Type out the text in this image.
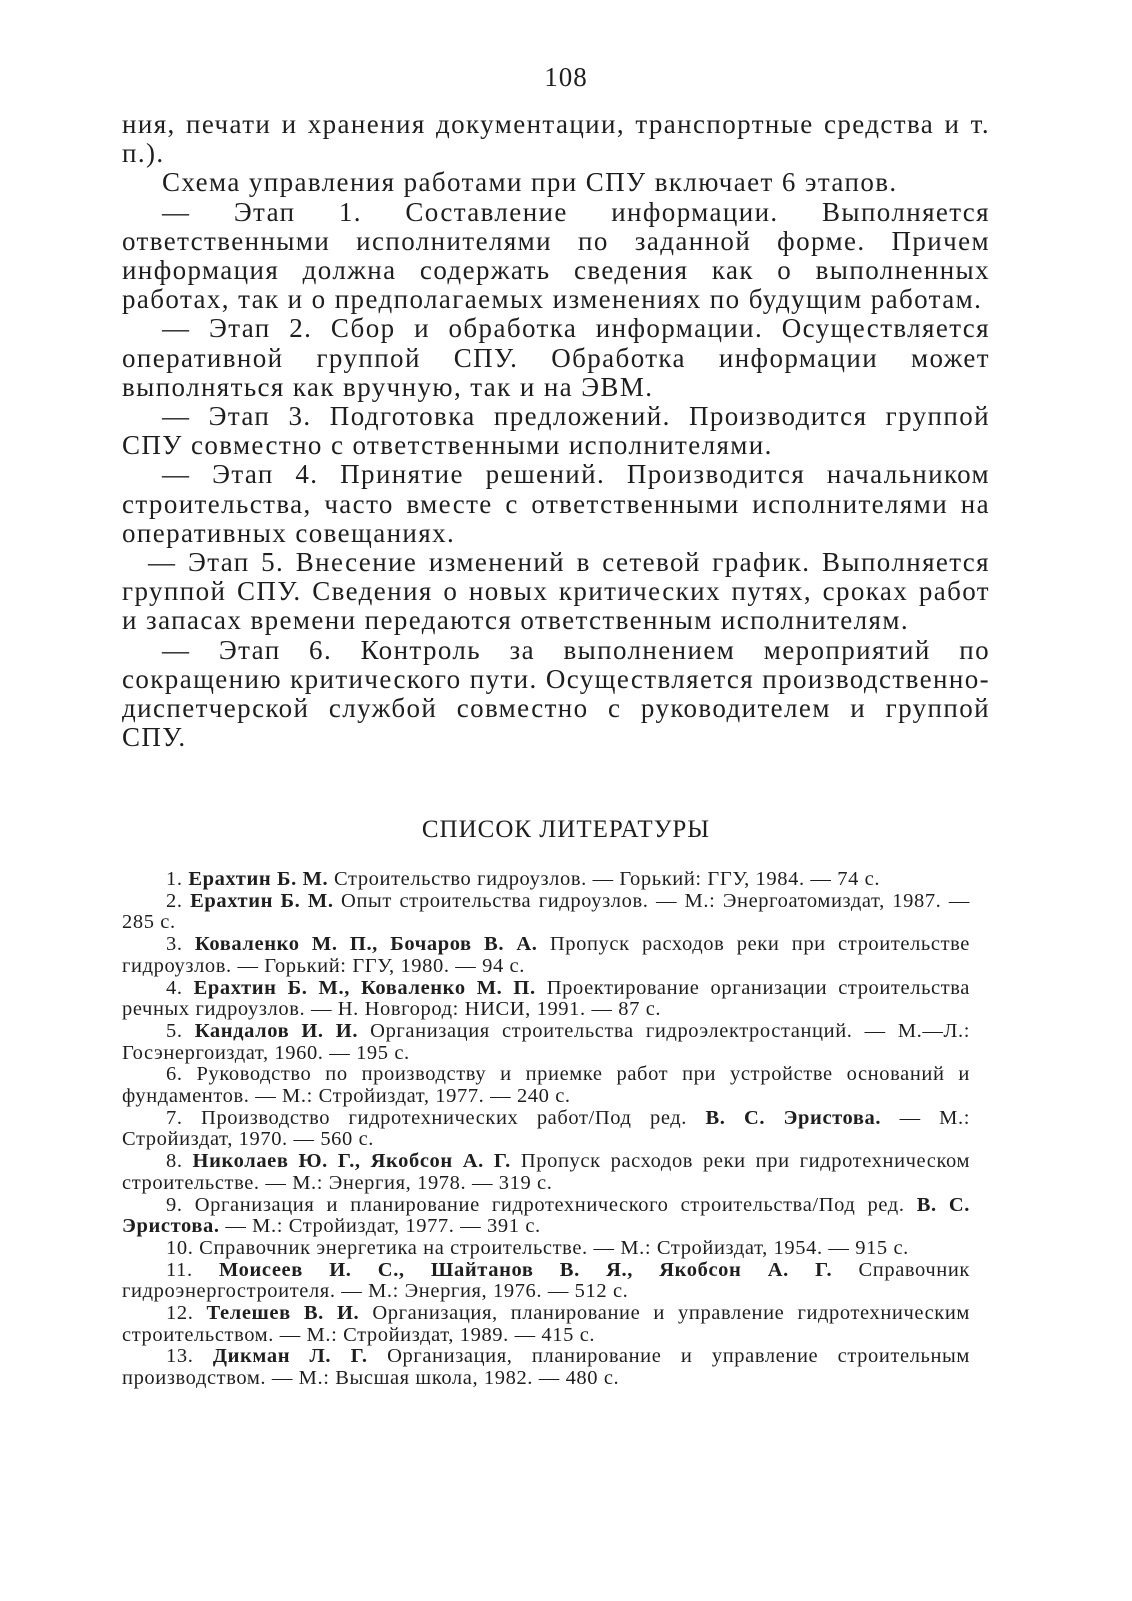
108

ния, печати и хранения документации, транспортные средства и т. п.).

Схема управления работами при СПУ включает 6 этапов.

— Этап 1. Составление информации. Выполняется ответственными исполнителями по заданной форме. Причем информация должна содержать сведения как о выполненных работах, так и о предполагаемых изменениях по будущим работам.

— Этап 2. Сбор и обработка информации. Осуществляется оперативной группой СПУ. Обработка информации может выполняться как вручную, так и на ЭВМ.

— Этап 3. Подготовка предложений. Производится группой СПУ совместно с ответственными исполнителями.

— Этап 4. Принятие решений. Производится начальником строительства, часто вместе с ответственными исполнителями на оперативных совещаниях.

— Этап 5. Внесение изменений в сетевой график. Выполняется группой СПУ. Сведения о новых критических путях, сроках работ и запасах времени передаются ответственным исполнителям.

— Этап 6. Контроль за выполнением мероприятий по сокращению критического пути. Осуществляется производственно-диспетчерской службой совместно с руководителем и группой СПУ.

СПИСОК ЛИТЕРАТУРЫ

1. Ерахтин Б. М. Строительство гидроузлов. — Горький: ГГУ, 1984. — 74 с.

2. Ерахтин Б. М. Опыт строительства гидроузлов. — М.: Энергоатомиздат, 1987. — 285 с.

3. Коваленко М. П., Бочаров В. А. Пропуск расходов реки при строительстве гидроузлов. — Горький: ГГУ, 1980. — 94 с.

4. Ерахтин Б. М., Коваленко М. П. Проектирование организации строительства речных гидроузлов. — Н. Новгород: НИСИ, 1991. — 87 с.

5. Кандалов И. И. Организация строительства гидроэлектростанций. — М.—Л.: Госэнергоиздат, 1960. — 195 с.

6. Руководство по производству и приемке работ при устройстве оснований и фундаментов. — М.: Стройиздат, 1977. — 240 с.

7. Производство гидротехнических работ/Под ред. В. С. Эристова. — М.: Стройиздат, 1970. — 560 с.

8. Николаев Ю. Г., Якобсон А. Г. Пропуск расходов реки при гидротехническом строительстве. — М.: Энергия, 1978. — 319 с.

9. Организация и планирование гидротехнического строительства/Под ред. В. С. Эристова. — М.: Стройиздат, 1977. — 391 с.

10. Справочник энергетика на строительстве. — М.: Стройиздат, 1954. — 915 с.

11. Моисеев И. С., Шайтанов В. Я., Якобсон А. Г. Справочник гидроэнергостроителя. — М.: Энергия, 1976. — 512 с.

12. Телешев В. И. Организация, планирование и управление гидротехническим строительством. — М.: Стройиздат, 1989. — 415 с.

13. Дикман Л. Г. Организация, планирование и управление строительным производством. — М.: Высшая школа, 1982. — 480 с.
